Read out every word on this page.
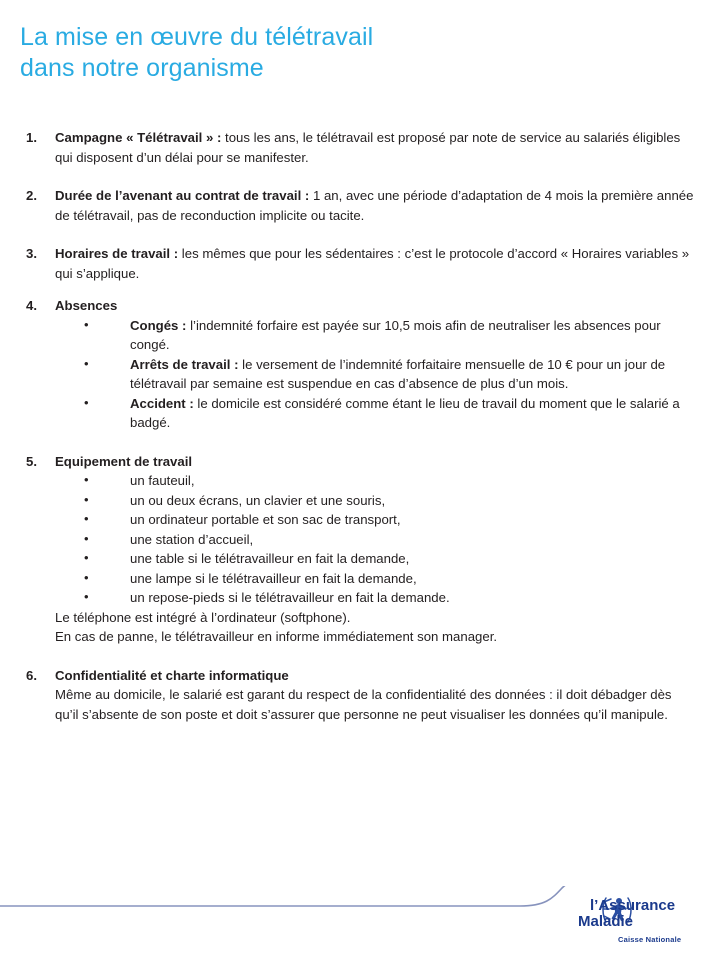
La mise en œuvre du télétravail
dans notre organisme
1. Campagne « Télétravail » : tous les ans, le télétravail est proposé par note de service au salariés éligibles qui disposent d’un délai pour se manifester.
2. Durée de l’avenant au contrat de travail : 1 an, avec une période d’adaptation de 4 mois la première année de télétravail, pas de reconduction implicite ou tacite.
3. Horaires de travail : les mêmes que pour les sédentaires : c’est le protocole d’accord « Horaires variables » qui s’applique.
4. Absences
• Congés : l’indemnité forfaire est payée sur 10,5 mois afin de neutraliser les absences pour congé.
• Arrêts de travail : le versement de l’indemnité forfaitaire mensuelle de 10 € pour un jour de télétravail par semaine est suspendue en cas d’absence de plus d’un mois.
• Accident : le domicile est considéré comme étant le lieu de travail du moment que le salarié a badgé.
5. Equipement de travail
• un fauteuil,
• un ou deux écrans, un clavier et une souris,
• un ordinateur portable et son sac de transport,
• une station d’accueil,
• une table si le télétravailleur en fait la demande,
• une lampe si le télétravailleur en fait la demande,
• un repose-pieds si le télétravailleur en fait la demande.
Le téléphone est intégré à l’ordinateur (softphone).
En cas de panne, le télétravailleur en informe immédiatement son manager.
6. Confidentialité et charte informatique
Même au domicile, le salarié est garant du respect de la confidentialité des données : il doit débadger dès qu’il s’absente de son poste et doit s’assurer que personne ne peut visualiser les données qu’il manipule.
l’Assurance
Maladie
Caisse Nationale
